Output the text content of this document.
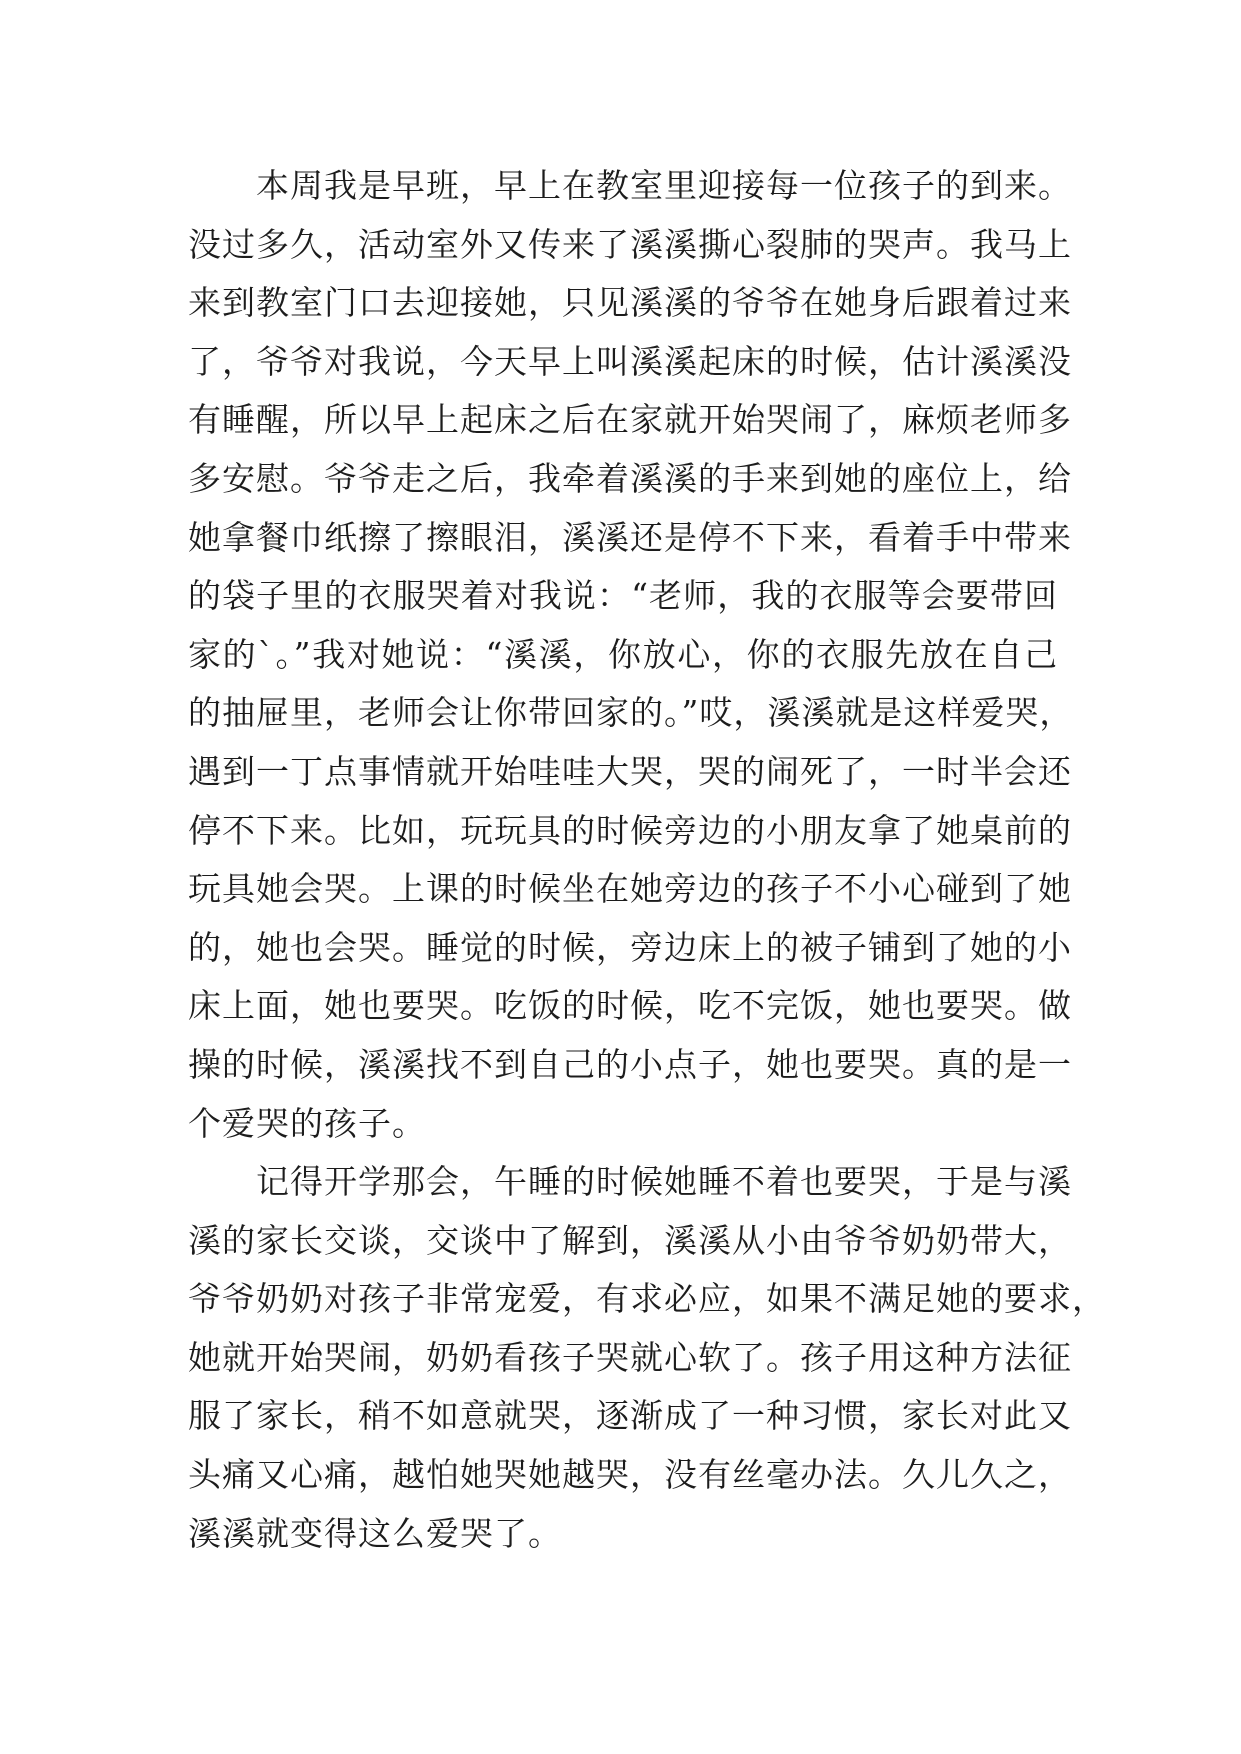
本周我是早班，早上在教室里迎接每一位孩子的到来。
没过多久，活动室外又传来了溪溪撕心裂肺的哭声。我马上
来到教室门口去迎接她，只见溪溪的爷爷在她身后跟着过来
了，爷爷对我说，今天早上叫溪溪起床的时候，估计溪溪没
有睡醒，所以早上起床之后在家就开始哭闹了，麻烦老师多
多安慰。爷爷走之后，我牵着溪溪的手来到她的座位上，给
她拿餐巾纸擦了擦眼泪，溪溪还是停不下来，看着手中带来
的袋子里的衣服哭着对我说：“老师，我的衣服等会要带回
家的`。”我对她说：“溪溪，你放心，你的衣服先放在自己
的抽屉里，老师会让你带回家的。”哎，溪溪就是这样爱哭，
遇到一丁点事情就开始哇哇大哭，哭的闹死了，一时半会还
停不下来。比如，玩玩具的时候旁边的小朋友拿了她桌前的
玩具她会哭。上课的时候坐在她旁边的孩子不小心碰到了她
的，她也会哭。睡觉的时候，旁边床上的被子铺到了她的小
床上面，她也要哭。吃饭的时候，吃不完饭，她也要哭。做
操的时候，溪溪找不到自己的小点子，她也要哭。真的是一
个爱哭的孩子。
记得开学那会，午睡的时候她睡不着也要哭，于是与溪
溪的家长交谈，交谈中了解到，溪溪从小由爷爷奶奶带大，
爷爷奶奶对孩子非常宠爱，有求必应，如果不满足她的要求，
她就开始哭闹，奶奶看孩子哭就心软了。孩子用这种方法征
服了家长，稍不如意就哭，逐渐成了一种习惯，家长对此又
头痛又心痛，越怕她哭她越哭，没有丝毫办法。久儿久之，
溪溪就变得这么爱哭了。
